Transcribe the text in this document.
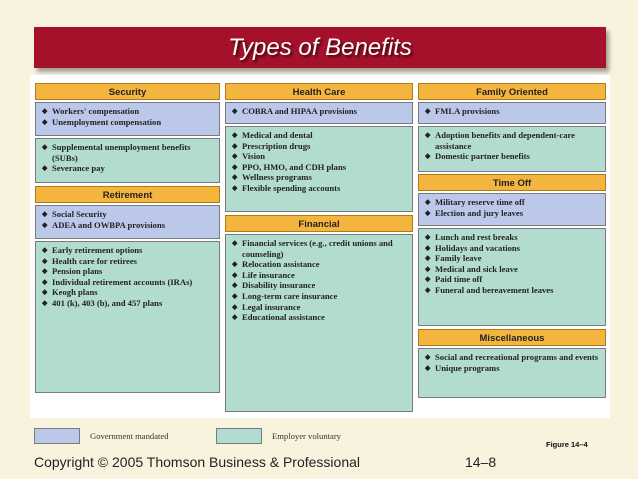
Types of Benefits
Security
◆ Workers' compensation
◆ Unemployment compensation
◆ Supplemental unemployment benefits (SUBs)
◆ Severance pay
Retirement
◆ Social Security
◆ ADEA and OWBPA provisions
◆ Early retirement options
◆ Health care for retirees
◆ Pension plans
◆ Individual retirement accounts (IRAs)
◆ Keogh plans
◆ 401 (k), 403 (b), and 457 plans
Health Care
◆ COBRA and HIPAA provisions
◆ Medical and dental
◆ Prescription drugs
◆ Vision
◆ PPO, HMO, and CDH plans
◆ Wellness programs
◆ Flexible spending accounts
Financial
◆ Financial services (e.g., credit unions and counseling)
◆ Relocation assistance
◆ Life insurance
◆ Disability insurance
◆ Long-term care insurance
◆ Legal insurance
◆ Educational assistance
Family Oriented
◆ FMLA provisions
◆ Adoption benefits and dependent-care assistance
◆ Domestic partner benefits
Time Off
◆ Military reserve time off
◆ Election and jury leaves
◆ Lunch and rest breaks
◆ Holidays and vacations
◆ Family leave
◆ Medical and sick leave
◆ Paid time off
◆ Funeral and bereavement leaves
Miscellaneous
◆ Social and recreational programs and events
◆ Unique programs
Government mandated	Employer voluntary
Figure 14–4
Copyright © 2005 Thomson Business & Professional	14–8
